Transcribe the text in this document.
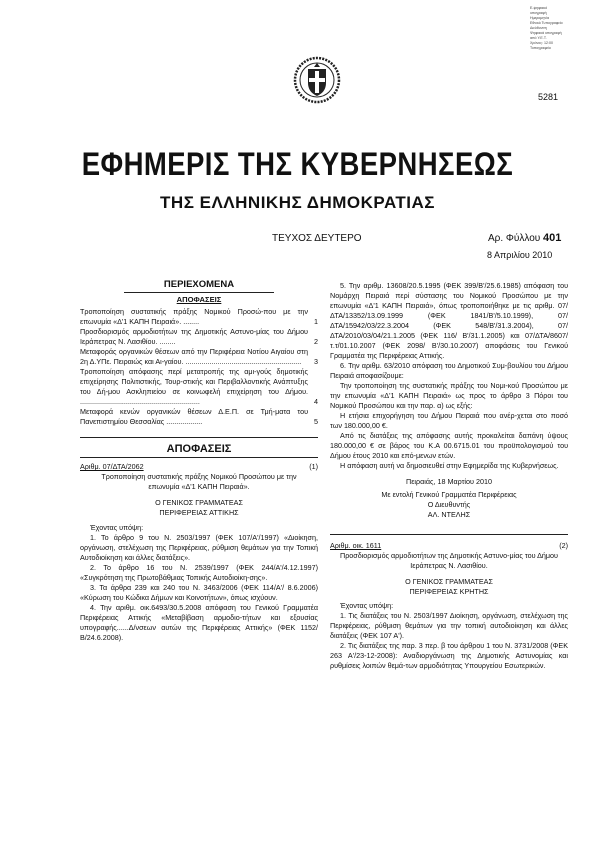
Ε-ψηφιακό
υπογραφή
Ημερομηνία
Εθνικό Τυπογραφείο
Διεύθυνση
Ψηφιακά υπογραφή
από Υ.Ε.Τ.
Χρόνος: 12:00
Τυπογραφείο
5281
ΕΦΗΜΕΡΙΣ ΤΗΣ ΚΥΒΕΡΝΗΣΕΩΣ
ΤΗΣ ΕΛΛΗΝΙΚΗΣ ΔΗΜΟΚΡΑΤΙΑΣ
ΤΕΥΧΟΣ ΔΕΥΤΕΡΟ	Αρ. Φύλλου 401
8 Απριλίου 2010
ΠΕΡΙΕΧΟΜΕΝΑ
ΑΠΟΦΑΣΕΙΣ
Τροποποίηση συστατικής πράξης Νομικού Προσώ-που με την επωνυμία «Δ'1 ΚΑΠΗ Πειραιά». ........	1
Προσδιορισμός αρμοδιοτήτων της Δημοτικής Αστυνο-μίας του Δήμου Ιεράπετρας Ν. Λασιθίου. ........	2
Μεταφοράς οργανικών θέσεων από την Περιφέρεια Νοτίου Αιγαίου στη 2η Δ.ΥΠε. Πειραιώς και Αι-γαίου. ..........................................................	3
Τροποποίηση απόφασης περί μετατροπής της αμι-γούς δημοτικής επιχείρησης Πολιτιστικής, Τουρ-στικής και Περιβαλλοντικής Ανάπτυξης του Δή-μου Ασκληπιείου σε κοινωφελή επιχείρηση του Δήμου. ............................................................	4
Μεταφορά κενών οργανικών θέσεων Δ.Ε.Π. σε Τμή-ματα του Πανεπιστημίου Θεσσαλίας ..................	5
ΑΠΟΦΑΣΕΙΣ
Αριθμ. 07/ΔΤΑ/2062	(1)

Τροποποίηση συστατικής πράξης Νομικού Προσώπου με την επωνυμία «Δ'1 ΚΑΠΗ Πειραιά».

Ο ΓΕΝΙΚΟΣ ΓΡΑΜΜΑΤΕΑΣ

ΠΕΡΙΦΕΡΕΙΑΣ ΑΤΤΙΚΗΣ

Έχοντας υπόψη:

1. Το άρθρο 9 του Ν. 2503/1997 (ΦΕΚ 107/Α'/1997) «Διοίκηση, οργάνωση, στελέχωση της Περιφέρειας, ρύθμιση θεμάτων για την Τοπική Αυτοδιοίκηση και άλλες διατάξεις».

2. Το άρθρο 16 του Ν. 2539/1997 (ΦΕΚ 244/Α'/4.12.1997) «Συγκρότηση της Πρωτοβάθμιας Τοπικής Αυτοδιοίκη-σης».

3. Τα άρθρα 239 και 240 του Ν. 3463/2006 (ΦΕΚ 114/Α'/ 8.6.2006) «Κύρωση του Κώδικα Δήμων και Κοινοτήτων», όπως ισχύουν.

4. Την αριθμ. οικ.6493/30.5.2008 απόφαση του Γενικού Γραμματέα Περιφέρειας Αττικής «Μεταβίβαση αρμοδιο-τήτων και εξουσίας υπογραφής......Δ/νσεων αυτών της Περιφέρειας Αττικής» (ΦΕΚ 1152/Β/24.6.2008).

5. Την αριθμ. 13608/20.5.1995 (ΦΕΚ 399/Β'/25.6.1985) απόφαση του Νομάρχη Πειραιά περί σύστασης του Νομικού Προσώπου με την επωνυμία «Δ'1 ΚΑΠΗ Πειραιά», όπως τροποποιήθηκε με τις αριθμ. 07/ΔΤΑ/13352/13.09.1999 (ΦΕΚ 1841/Β'/5.10.1999), 07/ΔΤΑ/15942/03/22.3.2004 (ΦΕΚ 548/Β'/31.3.2004), 07/ΔΤΑ/2010/03/04/21.1.2005 (ΦΕΚ 116/ Β'/31.1.2005) και 07/ΔΤΑ/8607/τ.τ/01.10.2007 (ΦΕΚ 2098/ Β'/30.10.2007) αποφάσεις του Γενικού Γραμματέα της Περιφέρειας Αττικής.

6. Την αριθμ. 63/2010 απόφαση του Δημοτικού Συμ-βουλίου του Δήμου Πειραιά αποφασίζουμε:

Την τροποποίηση της συστατικής πράξης του Νομι-κού Προσώπου με την επωνυμία «Δ'1 ΚΑΠΗ Πειραιά» ως προς το άρθρο 3 Πόροι του Νομικού Προσώπου και την παρ. α) ως εξής:

Η ετήσια επιχορήγηση του Δήμου Πειραιά που ανέρ-χεται στο ποσό των 180.000,00 €.

Από τις διατάξεις της απόφασης αυτής προκαλείται δαπάνη ύψους 180.000,00 € σε βάρος του Κ.Α 00.6715.01 του προϋπολογισμού του Δήμου έτους 2010 και επό-μενων ετών.

Η απόφαση αυτή να δημοσιευθεί στην Εφημερίδα της Κυβερνήσεως.

Πειραιάς, 18 Μαρτίου 2010

Με εντολή Γενικού Γραμματέα Περιφέρειας

Ο Διευθυντής

ΑΛ. ΝΤΕΛΗΣ

Αριθμ. οικ. 1611	(2)

Προσδιορισμός αρμοδιοτήτων της Δημοτικής Αστυνο-μίας του Δήμου Ιεράπετρας Ν. Λασιθίου.

Ο ΓΕΝΙΚΟΣ ΓΡΑΜΜΑΤΕΑΣ

ΠΕΡΙΦΕΡΕΙΑΣ ΚΡΗΤΗΣ

Έχοντας υπόψη:

1. Τις διατάξεις του Ν. 2503/1997 Διοίκηση, οργάνωση, στελέχωση της Περιφέρειας, ρύθμιση θεμάτων για την τοπική αυτοδιοίκηση και άλλες διατάξεις (ΦΕΚ 107 Α').

2. Τις διατάξεις της παρ. 3 περ. β του άρθρου 1 του Ν. 3731/2008 (ΦΕΚ 263 Α'/23-12-2008): Αναδιοργάνωση της Δημοτικής Αστυνομίας και ρυθμίσεις λοιπών θεμά-των αρμοδιότητας Υπουργείου Εσωτερικών.
